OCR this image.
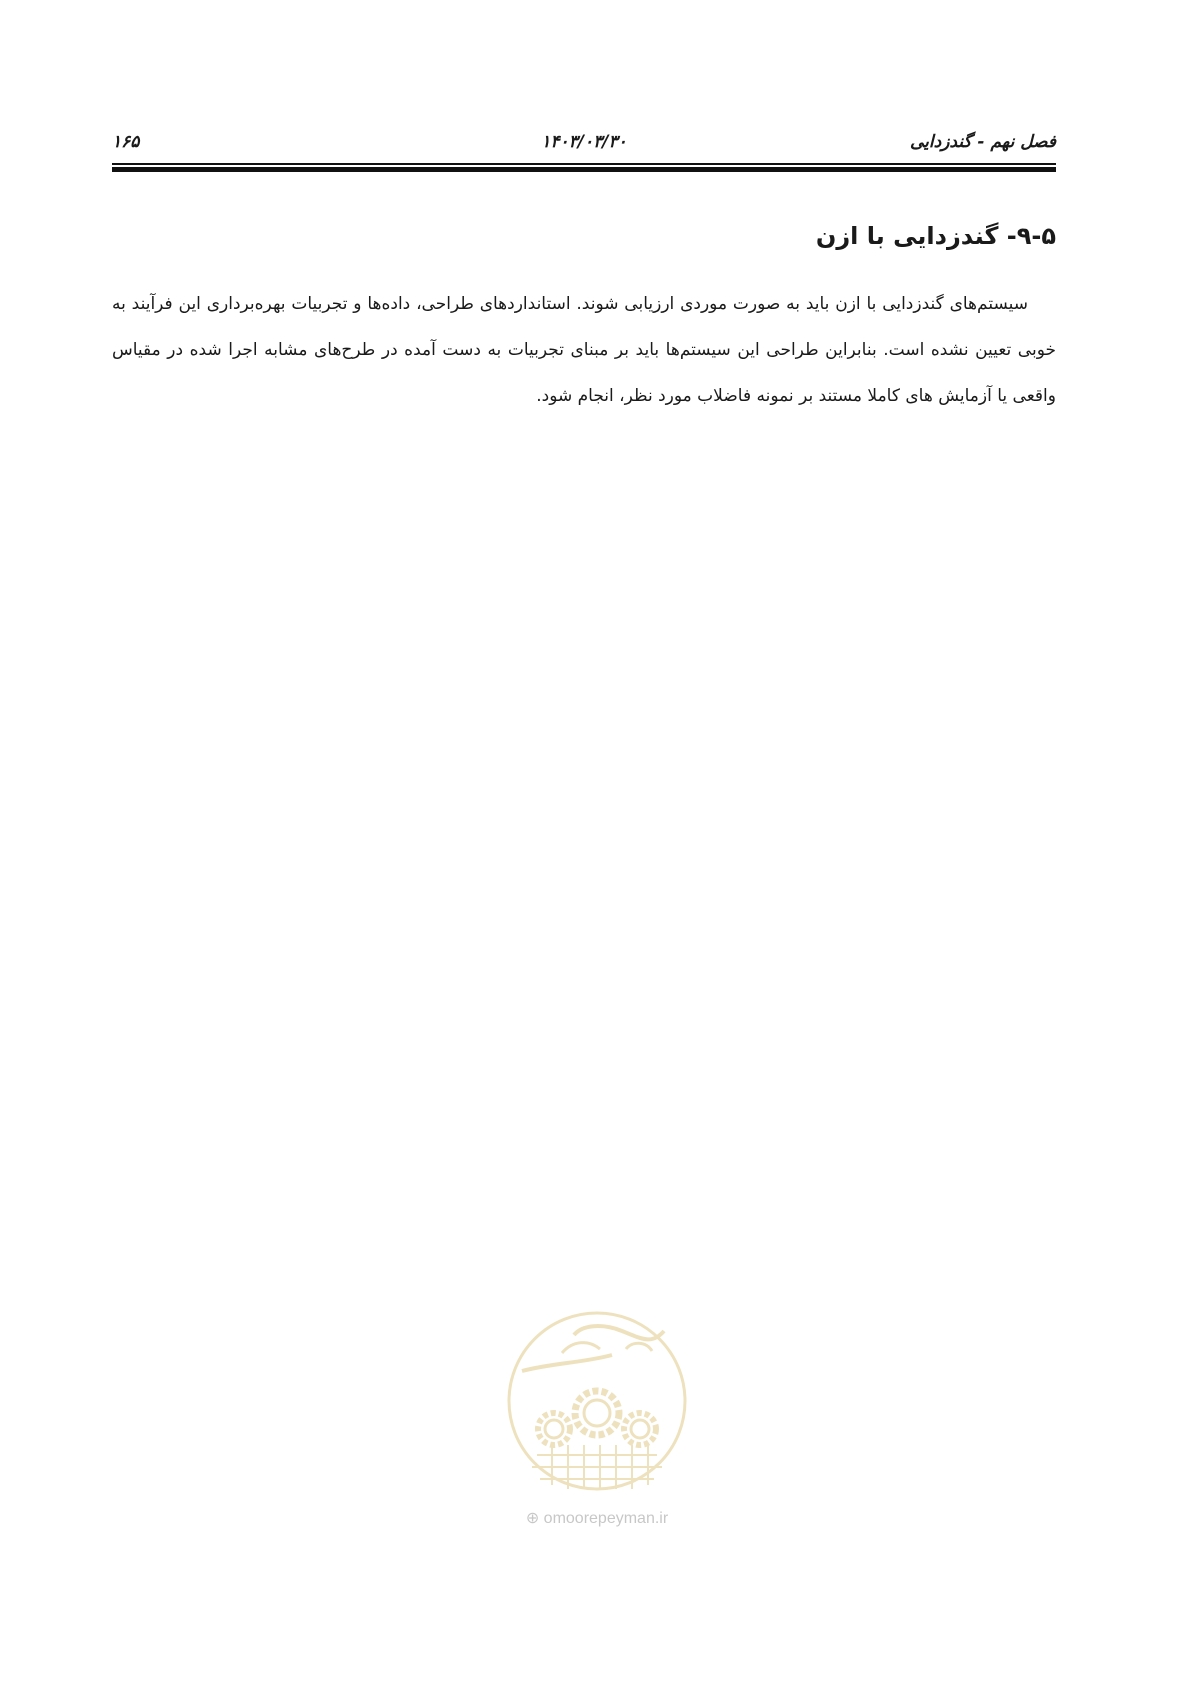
فصل نهم - گندزدایی
۱۴۰۳/۰۳/۳۰
۱۶۵
۹-۵- گندزدایی با ازن

سیستم‌های گندزدایی با ازن باید به صورت موردی ارزیابی شوند. استانداردهای طراحی، داده‌ها و تجربیات بهره‌برداری این فرآیند به خوبی تعیین نشده است. بنابراین طراحی این سیستم‌ها باید بر مبنای تجربیات به دست آمده در طرح‌های مشابه اجرا شده در مقیاس واقعی یا آزمایش های کاملا مستند بر نمونه فاضلاب مورد نظر، انجام شود.

⊕ omoorepeyman.ir
